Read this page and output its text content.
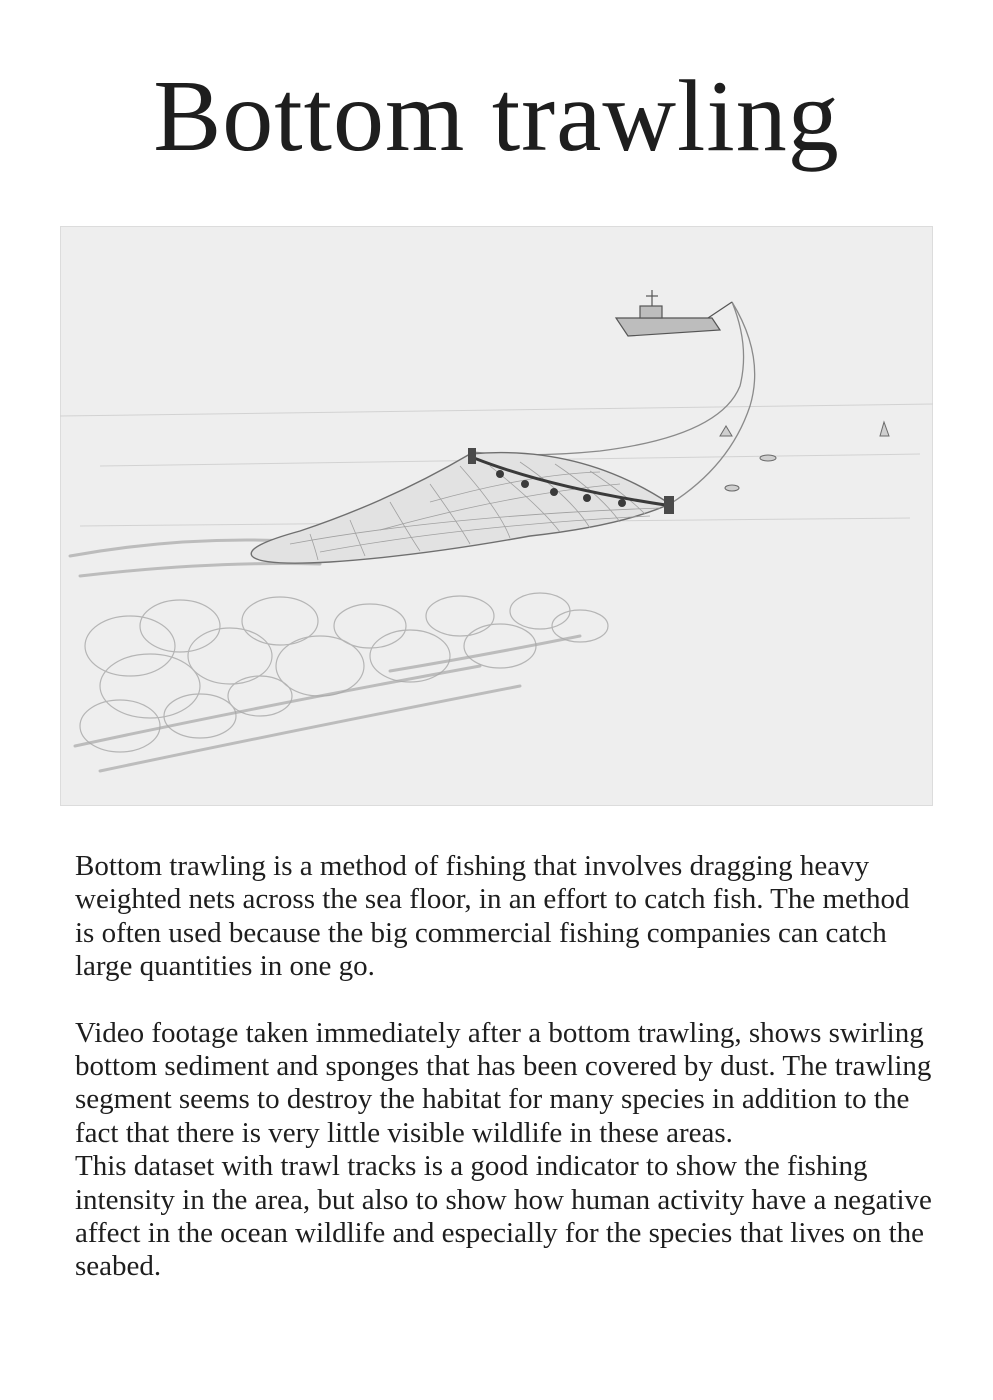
Bottom trawling

Bottom trawling is a method of fishing that involves dragging heavy weighted nets across the sea floor, in an effort to catch fish. The method is often used because the big commercial fishing companies can catch large quantities in one go.

Video footage taken immediately after a bottom trawling, shows swirling bottom sediment and sponges that has been covered by dust. The trawling segment seems to destroy the habitat for many species in addition to the fact that there is very little visible wildlife in these areas.

This dataset with trawl tracks is a good indicator to show the fishing intensity in the area, but also to show how human activity have a negative affect in the ocean wildlife and especially for the species that lives on the seabed.
